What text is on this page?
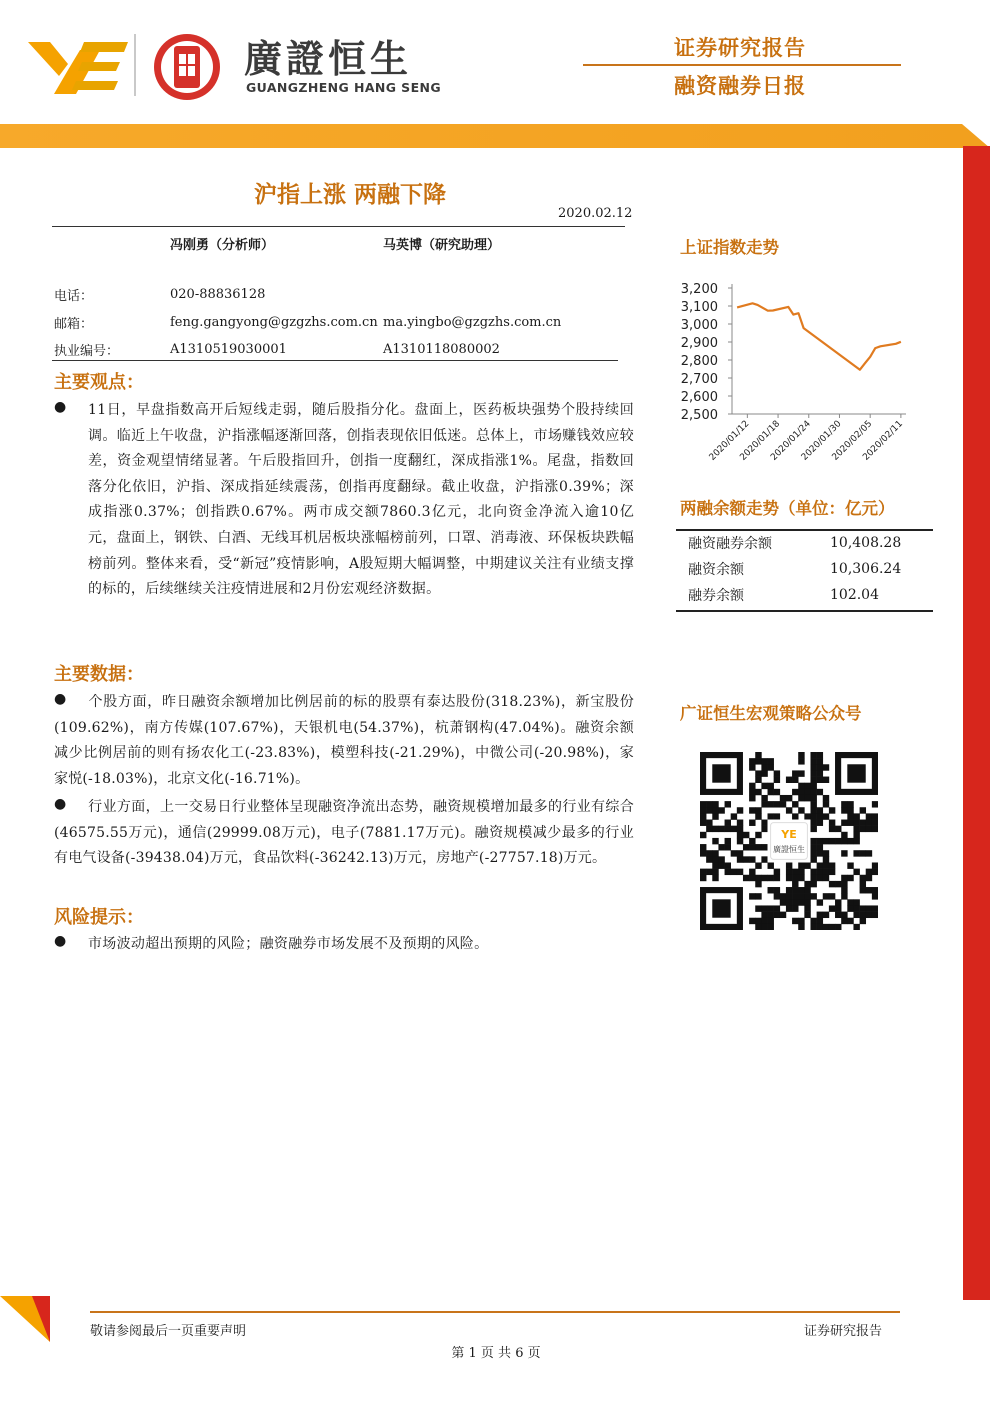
廣證恒生
GUANGZHENG HANG SENG
证券研究报告
融资融券日报
沪指上涨 两融下降
2020.02.12
冯刚勇（分析师）	马英博（研究助理）
电话：	020-88836128
邮箱：	feng.gangyong@gzgzhs.com.cn ma.yingbo@gzgzhs.com.cn
执业编号：	A1310519030001	A1310118080002
主要观点：
● 11日，早盘指数高开后短线走弱，随后股指分化。盘面上，医药板块强势个股持续回调。临近上午收盘，沪指涨幅逐渐回落，创指表现依旧低迷。总体上，市场赚钱效应较差，资金观望情绪显著。午后股指回升，创指一度翻红，深成指涨1%。尾盘，指数回落分化依旧，沪指、深成指延续震荡，创指再度翻绿。截止收盘，沪指涨0.39%；深成指涨0.37%；创指跌0.67%。两市成交额7860.3亿元，北向资金净流入逾10亿元，盘面上，钢铁、白酒、无线耳机居板块涨幅榜前列，口罩、消毒液、环保板块跌幅榜前列。整体来看，受“新冠”疫情影响，A股短期大幅调整，中期建议关注有业绩支撑的标的，后续继续关注疫情进展和2月份宏观经济数据。
主要数据：
●	个股方面，昨日融资余额增加比例居前的标的股票有泰达股份(318.23%)，新宝股份(109.62%)，南方传媒(107.67%)，天银机电(54.37%)，杭萧钢构(47.04%)。融资余额减少比例居前的则有扬农化工(-23.83%)，模塑科技(-21.29%)，中微公司(-20.98%)，家家悦(-18.03%)，北京文化(-16.71%)。
●	行业方面，上一交易日行业整体呈现融资净流出态势，融资规模增加最多的行业有综合(46575.55万元)，通信(29999.08万元)，电子(7881.17万元)。融资规模减少最多的行业有电气设备(-39438.04)万元，食品饮料(-36242.13)万元，房地产(-27757.18)万元。
风险提示：
● 市场波动超出预期的风险；融资融券市场发展不及预期的风险。
上证指数走势
2,500
2,600
2,700
2,800
2,900
3,000
3,100
3,200
2020/01/12
2020/01/18
2020/01/24
2020/01/30
2020/02/05
2020/02/11
两融余额走势（单位：亿元）
融资融券余额	10,408.28
融资余额	10,306.24
融券余额	102.04
广证恒生宏观策略公众号
YE
廣證恒生
敬请参阅最后一页重要声明	证券研究报告
第 1 页 共 6 页
